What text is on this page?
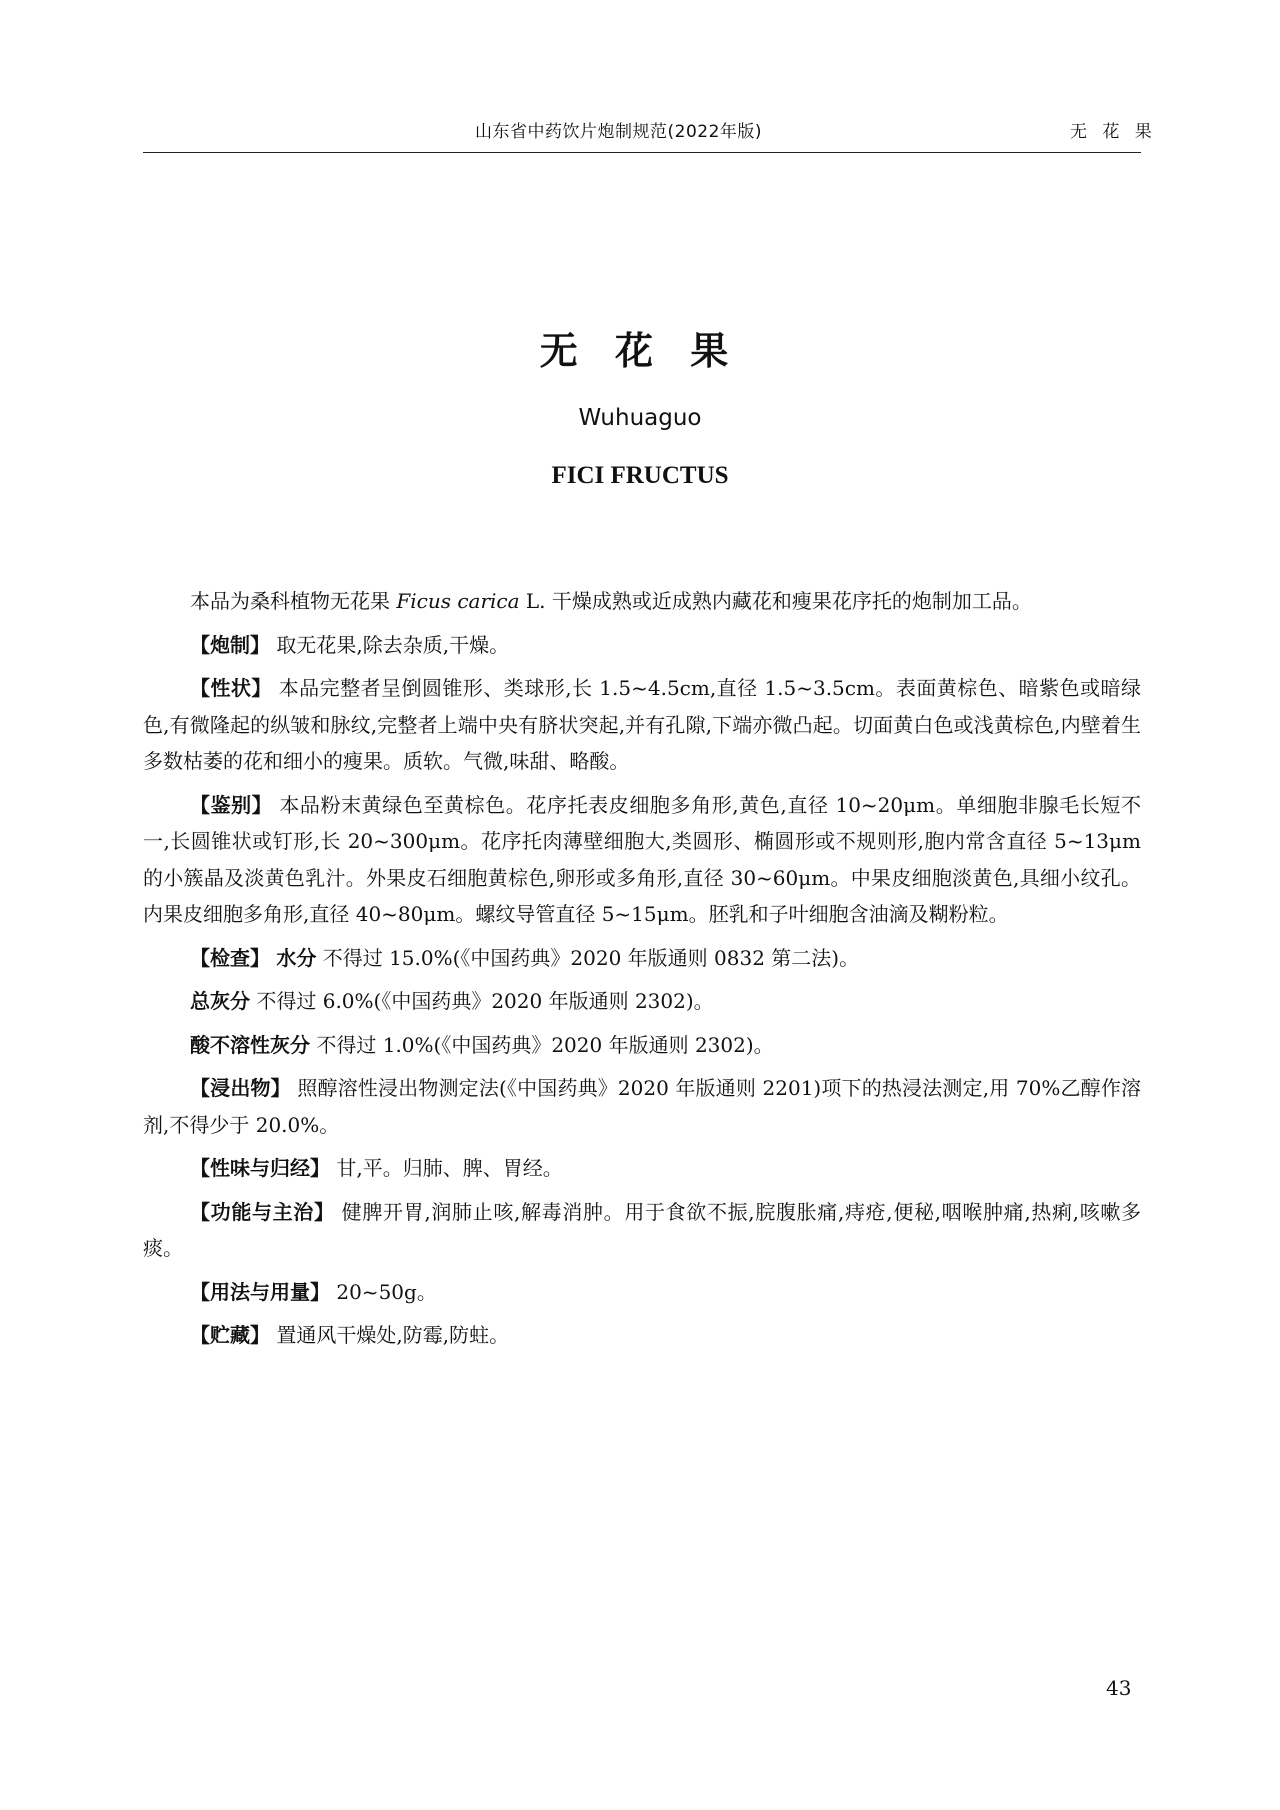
山东省中药饮片炮制规范(2022年版)	无 花 果
无 花 果
Wuhuaguo
FICI FRUCTUS

本品为桑科植物无花果 Ficus carica L. 干燥成熟或近成熟内藏花和瘦果花序托的炮制加工品。

【炮制】 取无花果,除去杂质,干燥。

【性状】 本品完整者呈倒圆锥形、类球形,长 1.5~4.5cm,直径 1.5~3.5cm。表面黄棕色、暗紫色或暗绿色,有微隆起的纵皱和脉纹,完整者上端中央有脐状突起,并有孔隙,下端亦微凸起。切面黄白色或浅黄棕色,内壁着生多数枯萎的花和细小的瘦果。质软。气微,味甜、略酸。

【鉴别】 本品粉末黄绿色至黄棕色。花序托表皮细胞多角形,黄色,直径 10~20μm。单细胞非腺毛长短不一,长圆锥状或钉形,长 20~300μm。花序托肉薄壁细胞大,类圆形、椭圆形或不规则形,胞内常含直径 5~13μm 的小簇晶及淡黄色乳汁。外果皮石细胞黄棕色,卵形或多角形,直径 30~60μm。中果皮细胞淡黄色,具细小纹孔。内果皮细胞多角形,直径 40~80μm。螺纹导管直径 5~15μm。胚乳和子叶细胞含油滴及糊粉粒。

【检查】 水分 不得过 15.0%(《中国药典》2020 年版通则 0832 第二法)。

总灰分 不得过 6.0%(《中国药典》2020 年版通则 2302)。

酸不溶性灰分 不得过 1.0%(《中国药典》2020 年版通则 2302)。

【浸出物】 照醇溶性浸出物测定法(《中国药典》2020 年版通则 2201)项下的热浸法测定,用 70%乙醇作溶剂,不得少于 20.0%。

【性味与归经】 甘,平。归肺、脾、胃经。

【功能与主治】 健脾开胃,润肺止咳,解毒消肿。用于食欲不振,脘腹胀痛,痔疮,便秘,咽喉肿痛,热痢,咳嗽多痰。

【用法与用量】 20~50g。

【贮藏】 置通风干燥处,防霉,防蛀。

43
